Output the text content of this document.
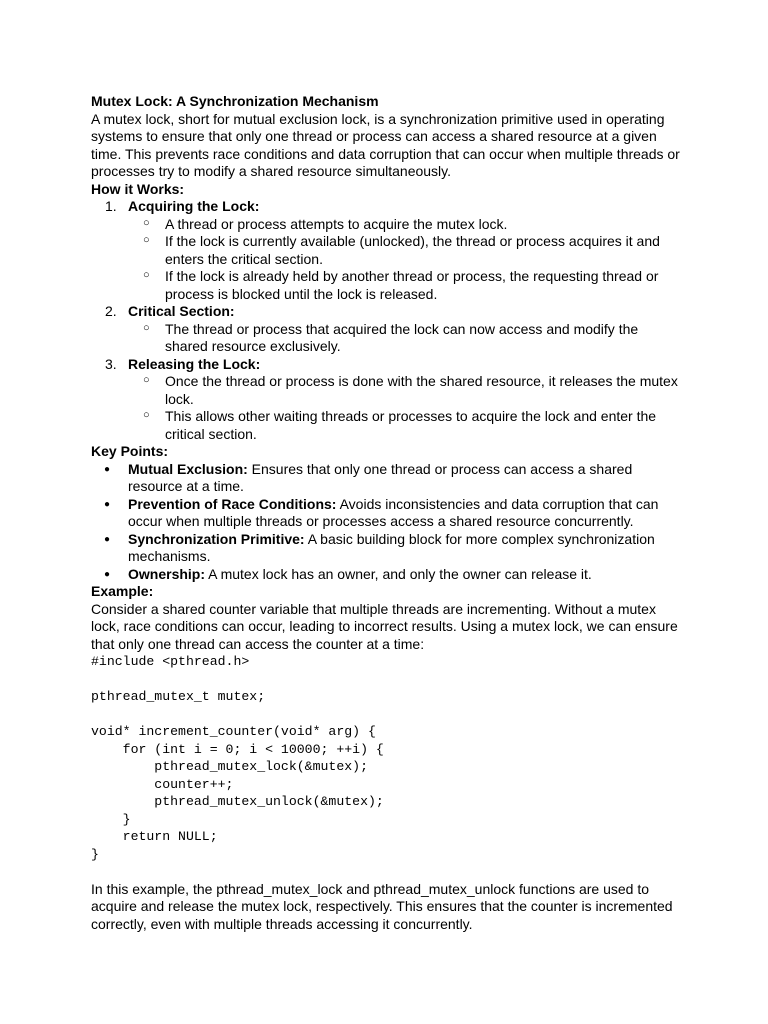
Mutex Lock: A Synchronization Mechanism

A mutex lock, short for mutual exclusion lock, is a synchronization primitive used in operating systems to ensure that only one thread or process can access a shared resource at a given time. This prevents race conditions and data corruption that can occur when multiple threads or processes try to modify a shared resource simultaneously.

How it Works:

1. Acquiring the Lock:
○ A thread or process attempts to acquire the mutex lock.
○ If the lock is currently available (unlocked), the thread or process acquires it and enters the critical section.
○ If the lock is already held by another thread or process, the requesting thread or process is blocked until the lock is released.
2. Critical Section:
○ The thread or process that acquired the lock can now access and modify the shared resource exclusively.
3. Releasing the Lock:
○ Once the thread or process is done with the shared resource, it releases the mutex lock.
○ This allows other waiting threads or processes to acquire the lock and enter the critical section.

Key Points:

● Mutual Exclusion: Ensures that only one thread or process can access a shared resource at a time.
● Prevention of Race Conditions: Avoids inconsistencies and data corruption that can occur when multiple threads or processes access a shared resource concurrently.
● Synchronization Primitive: A basic building block for more complex synchronization mechanisms.
● Ownership: A mutex lock has an owner, and only the owner can release it.

Example:

Consider a shared counter variable that multiple threads are incrementing. Without a mutex lock, race conditions can occur, leading to incorrect results. Using a mutex lock, we can ensure that only one thread can access the counter at a time:

#include <pthread.h>

pthread_mutex_t mutex;

void* increment_counter(void* arg) {
for (int i = 0; i < 10000; ++i) {
pthread_mutex_lock(&mutex);
counter++;
pthread_mutex_unlock(&mutex);
}
return NULL;
}

In this example, the pthread_mutex_lock and pthread_mutex_unlock functions are used to acquire and release the mutex lock, respectively. This ensures that the counter is incremented correctly, even with multiple threads accessing it concurrently.
